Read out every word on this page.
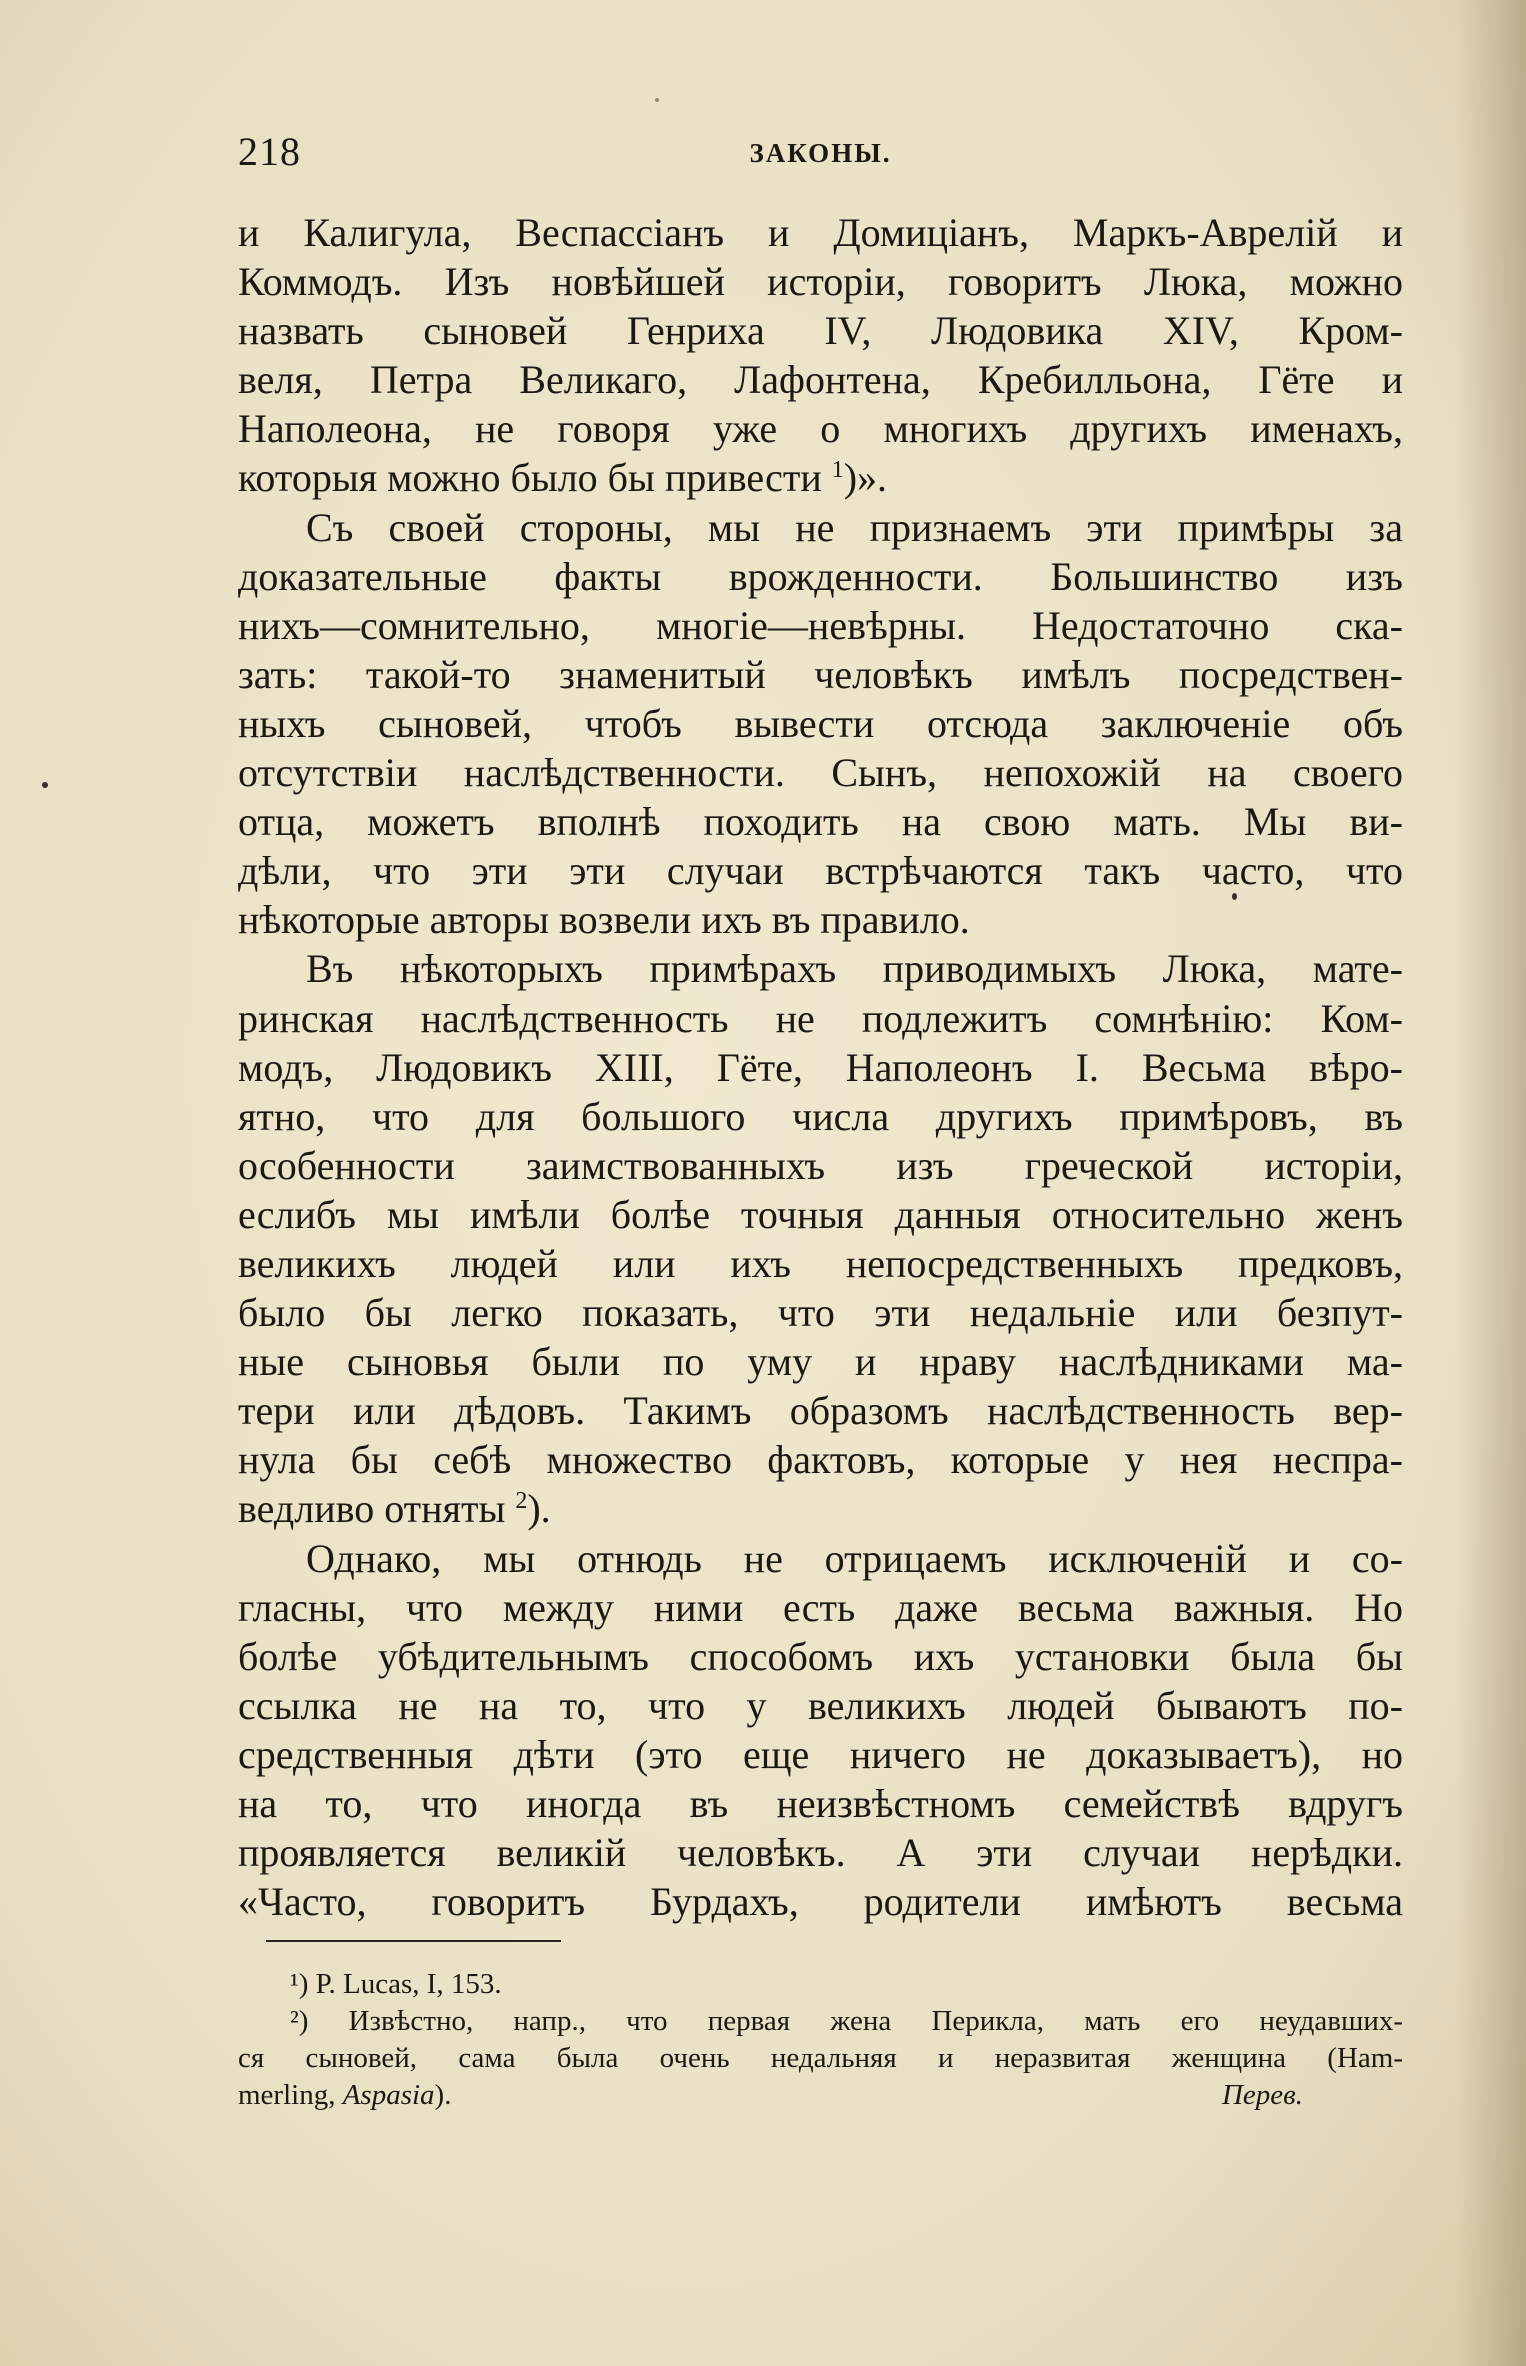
218	ЗАКОНЫ.
и Калигула, Веспассіанъ и Домиціанъ, Маркъ-Аврелій и
Коммодъ. Изъ новѣйшей исторіи, говоритъ Люка, можно
назвать сыновей Генриха IV, Людовика XIV, Кром-
веля, Петра Великаго, Лафонтена, Кребилльона, Гёте и
Наполеона, не говоря уже о многихъ другихъ именахъ,
которыя можно было бы привести $^1$)».
Съ своей стороны, мы не признаемъ эти примѣры за
доказательные факты врожденности. Большинство изъ
нихъ—сомнительно, многіе—невѣрны. Недостаточно ска-
зать: такой-то знаменитый человѣкъ имѣлъ посредствен-
ныхъ сыновей, чтобъ вывести отсюда заключеніе объ
отсутствіи наслѣдственности. Сынъ, непохожій на своего
отца, можетъ вполнѣ походить на свою мать. Мы ви-
дѣли, что эти эти случаи встрѣчаются такъ часто, что
нѣкоторые авторы возвели ихъ въ правило.
Въ нѣкоторыхъ примѣрахъ приводимыхъ Люка, мате-
ринская наслѣдственность не подлежитъ сомнѣнію: Ком-
модъ, Людовикъ XIII, Гёте, Наполеонъ I. Весьма вѣро-
ятно, что для большого числа другихъ примѣровъ, въ
особенности заимствованныхъ изъ греческой исторіи,
еслибъ мы имѣли болѣе точныя данныя относительно женъ
великихъ людей или ихъ непосредственныхъ предковъ,
было бы легко показать, что эти недальніе или безпут-
ные сыновья были по уму и нраву наслѣдниками ма-
тери или дѣдовъ. Такимъ образомъ наслѣдственность вер-
нула бы себѣ множество фактовъ, которые у нея неспра-
ведливо отняты $^2$).
Однако, мы отнюдь не отрицаемъ исключеній и со-
гласны, что между ними есть даже весьма важныя. Но
болѣе убѣдительнымъ способомъ ихъ установки была бы
ссылка не на то, что у великихъ людей бываютъ по-
средственныя дѣти (это еще ничего не доказываетъ), но
на то, что иногда въ неизвѣстномъ семействѣ вдругъ
проявляется великій человѣкъ. А эти случаи нерѣдки.
«Часто, говоритъ Бурдахъ, родители имѣютъ весьма
¹) P. Lucas, I, 153.
²) Извѣстно, напр., что первая жена Перикла, мать его неудавших-
ся сыновей, сама была очень недальняя и неразвитая женщина (Ham-
merling, Aspasia).	Перев.
